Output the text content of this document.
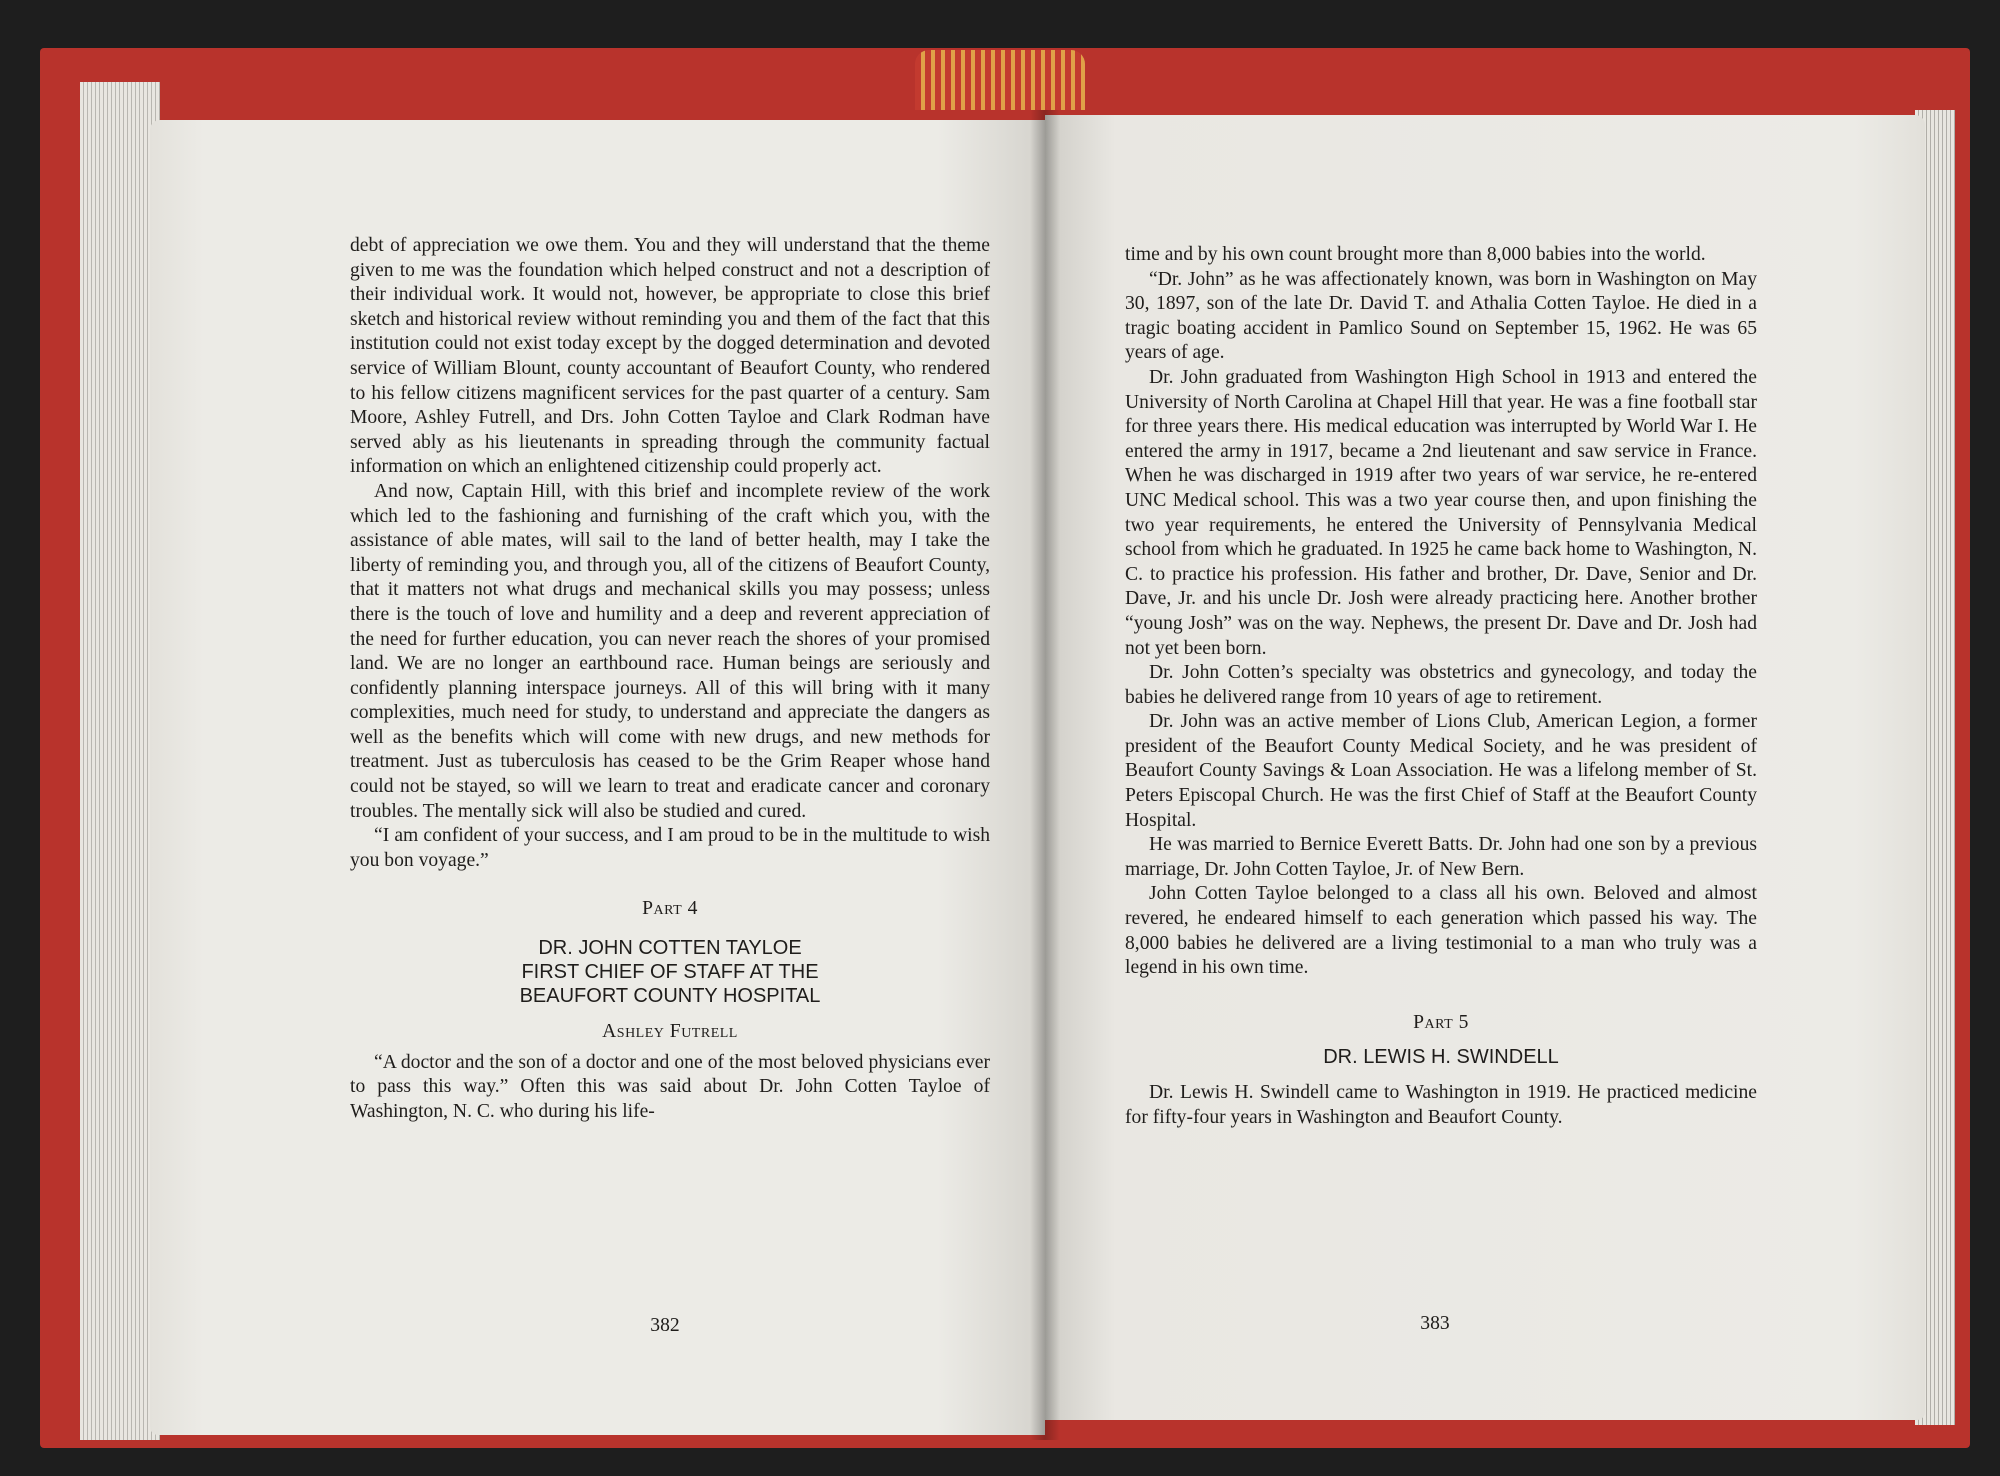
debt of appreciation we owe them. You and they will understand that the theme given to me was the foundation which helped construct and not a description of their individual work. It would not, however, be appropriate to close this brief sketch and historical review without reminding you and them of the fact that this institution could not exist today except by the dogged determination and devoted service of William Blount, county accountant of Beaufort County, who rendered to his fellow citizens magnificent services for the past quarter of a century. Sam Moore, Ashley Futrell, and Drs. John Cotten Tayloe and Clark Rodman have served ably as his lieutenants in spreading through the community factual information on which an enlightened citizenship could properly act.

And now, Captain Hill, with this brief and incomplete review of the work which led to the fashioning and furnishing of the craft which you, with the assistance of able mates, will sail to the land of better health, may I take the liberty of reminding you, and through you, all of the citizens of Beaufort County, that it matters not what drugs and mechanical skills you may possess; unless there is the touch of love and humility and a deep and reverent appreciation of the need for further education, you can never reach the shores of your promised land. We are no longer an earthbound race. Human beings are seriously and confidently planning interspace journeys. All of this will bring with it many complexities, much need for study, to understand and appreciate the dangers as well as the benefits which will come with new drugs, and new methods for treatment. Just as tuberculosis has ceased to be the Grim Reaper whose hand could not be stayed, so will we learn to treat and eradicate cancer and coronary troubles. The mentally sick will also be studied and cured.

“I am confident of your success, and I am proud to be in the multitude to wish you bon voyage.”

Part 4

DR. JOHN COTTEN TAYLOE

FIRST CHIEF OF STAFF AT THE

BEAUFORT COUNTY HOSPITAL

Ashley Futrell

“A doctor and the son of a doctor and one of the most beloved physicians ever to pass this way.” Often this was said about Dr. John Cotten Tayloe of Washington, N. C. who during his life-

382

time and by his own count brought more than 8,000 babies into the world.

“Dr. John” as he was affectionately known, was born in Washington on May 30, 1897, son of the late Dr. David T. and Athalia Cotten Tayloe. He died in a tragic boating accident in Pamlico Sound on September 15, 1962. He was 65 years of age.

Dr. John graduated from Washington High School in 1913 and entered the University of North Carolina at Chapel Hill that year. He was a fine football star for three years there. His medical education was interrupted by World War I. He entered the army in 1917, became a 2nd lieutenant and saw service in France. When he was discharged in 1919 after two years of war service, he re-entered UNC Medical school. This was a two year course then, and upon finishing the two year requirements, he entered the University of Pennsylvania Medical school from which he graduated. In 1925 he came back home to Washington, N. C. to practice his profession. His father and brother, Dr. Dave, Senior and Dr. Dave, Jr. and his uncle Dr. Josh were already practicing here. Another brother “young Josh” was on the way. Nephews, the present Dr. Dave and Dr. Josh had not yet been born.

Dr. John Cotten’s specialty was obstetrics and gynecology, and today the babies he delivered range from 10 years of age to retirement.

Dr. John was an active member of Lions Club, American Legion, a former president of the Beaufort County Medical Society, and he was president of Beaufort County Savings & Loan Association. He was a lifelong member of St. Peters Episcopal Church. He was the first Chief of Staff at the Beaufort County Hospital.

He was married to Bernice Everett Batts. Dr. John had one son by a previous marriage, Dr. John Cotten Tayloe, Jr. of New Bern.

John Cotten Tayloe belonged to a class all his own. Beloved and almost revered, he endeared himself to each generation which passed his way. The 8,000 babies he delivered are a living testimonial to a man who truly was a legend in his own time.

Part 5

DR. LEWIS H. SWINDELL

Dr. Lewis H. Swindell came to Washington in 1919. He practiced medicine for fifty-four years in Washington and Beaufort County.

383
